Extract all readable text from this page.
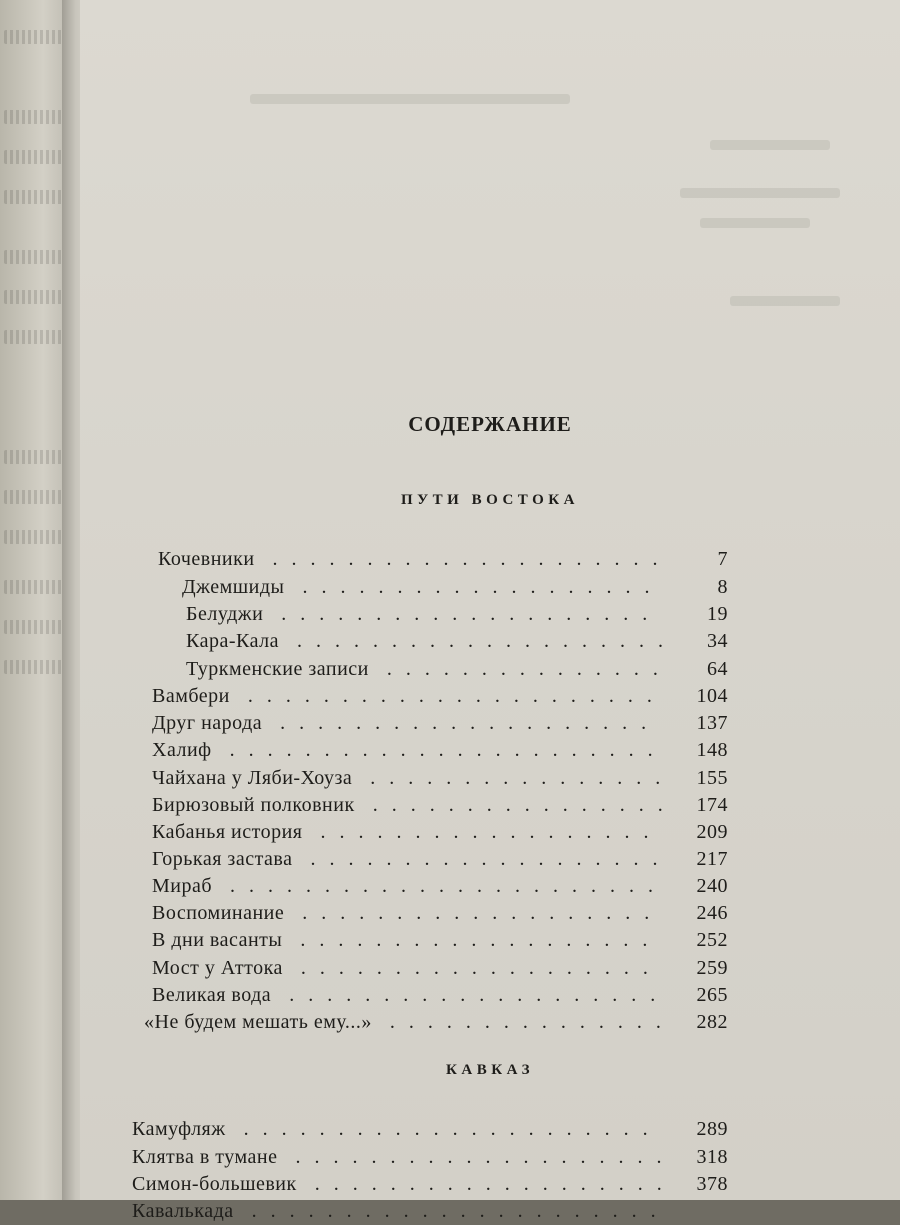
СОДЕРЖАНИЕ
ПУТИ ВОСТОКА
КАВКАЗ
Кочевники	7
.....................
Джемшиды	8
...................
Белуджи	19
....................
Кара-Кала	34
....................
Туркменские записи	64
...............
Вамбери	104
......................
Друг народа	137
....................
Халиф	148
.......................
Чайхана у Ляби-Хоуза	155
................
Бирюзовый полковник	174
................
Кабанья история	209
..................
Горькая застава	217
...................
Мираб	240
.......................
Воспоминание	246
...................
В дни васанты	252
...................
Мост у Аттока	259
...................
Великая вода	265
....................
«Не будем мешать ему...»	282
...............
Камуфляж	289
......................
Клятва в тумане	318
....................
Симон-большевик	378
...................
Кавалькада ......................
